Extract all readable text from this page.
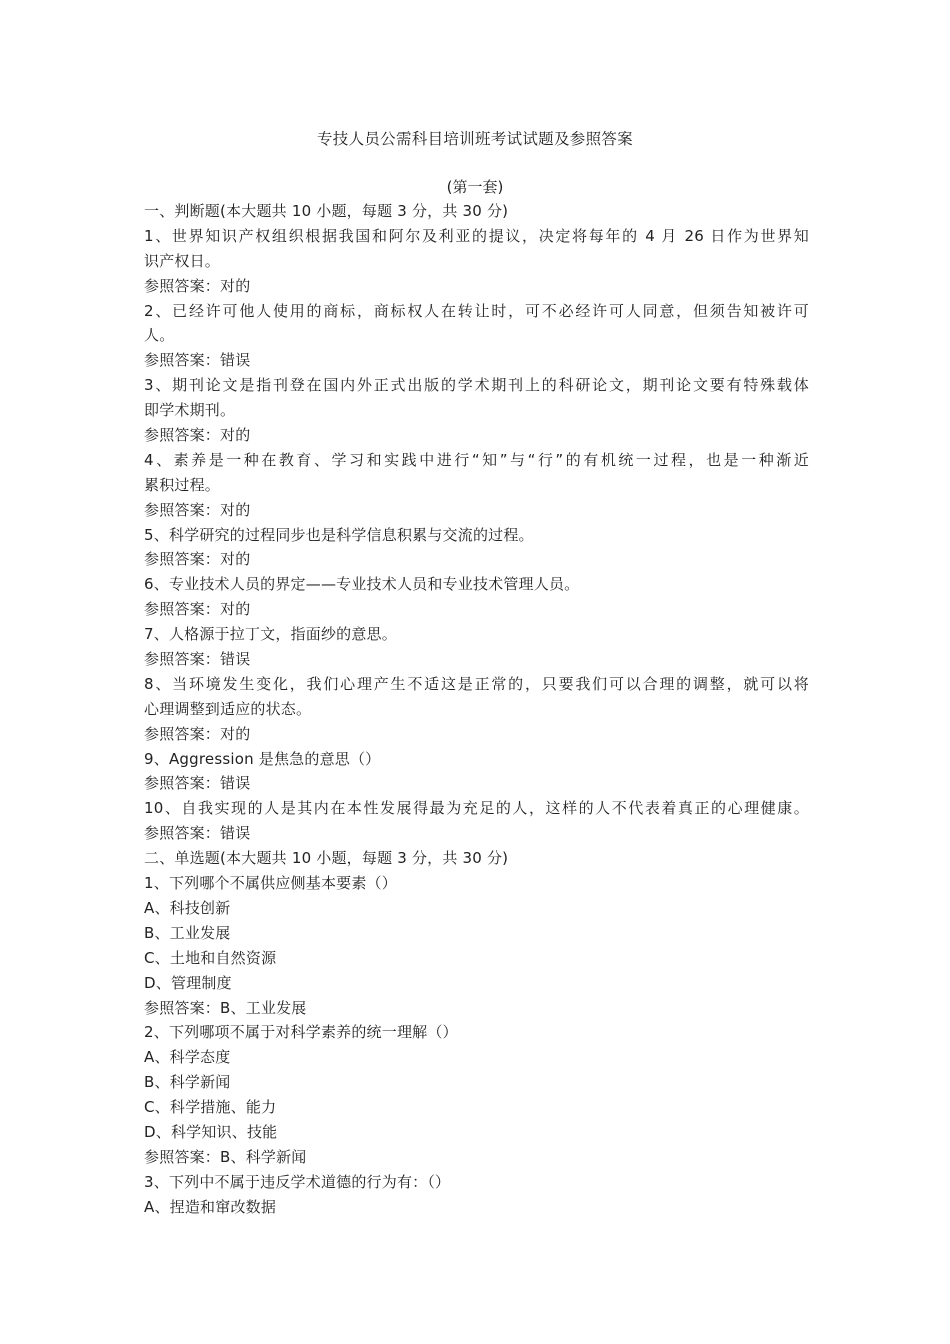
专技人员公需科目培训班考试试题及参照答案
(第一套)
一、判断题(本大题共 10 小题，每题 3 分，共 30 分)
1、世界知识产权组织根据我国和阿尔及利亚的提议，决定将每年的 4 月 26 日作为世界知
识产权日。
参照答案：对的
2、已经许可他人使用的商标，商标权人在转让时，可不必经许可人同意，但须告知被许可
人。
参照答案：错误
3、期刊论文是指刊登在国内外正式出版的学术期刊上的科研论文，期刊论文要有特殊载体
即学术期刊。
参照答案：对的
4、素养是一种在教育、学习和实践中进行“知”与“行”的有机统一过程，也是一种渐近
累积过程。
参照答案：对的
5、科学研究的过程同步也是科学信息积累与交流的过程。
参照答案：对的
6、专业技术人员的界定——专业技术人员和专业技术管理人员。
参照答案：对的
7、人格源于拉丁文，指面纱的意思。
参照答案：错误
8、当环境发生变化，我们心理产生不适这是正常的，只要我们可以合理的调整，就可以将
心理调整到适应的状态。
参照答案：对的
9、Aggression 是焦急的意思（）
参照答案：错误
10、自我实现的人是其内在本性发展得最为充足的人，这样的人不代表着真正的心理健康。
参照答案：错误
二、单选题(本大题共 10 小题，每题 3 分，共 30 分)
1、下列哪个不属供应侧基本要素（）
A、科技创新
B、工业发展
C、土地和自然资源
D、管理制度
参照答案：B、工业发展
2、下列哪项不属于对科学素养的统一理解（）
A、科学态度
B、科学新闻
C、科学措施、能力
D、科学知识、技能
参照答案：B、科学新闻
3、下列中不属于违反学术道德的行为有：（）
A、捏造和窜改数据
